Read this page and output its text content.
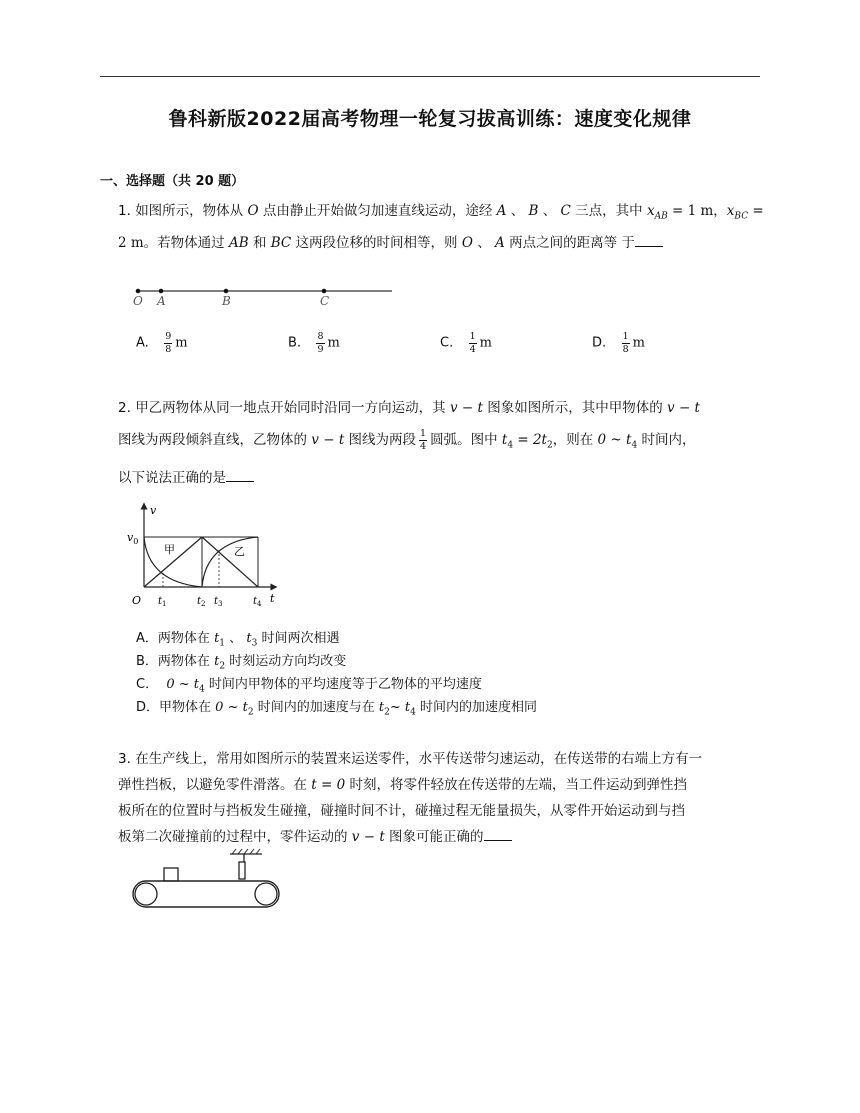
鲁科新版2022届高考物理一轮复习拔高训练：速度变化规律
一、选择题（共 20 题）

1. 如图所示，物体从 O 点由静止开始做匀加速直线运动，途经 A 、 B 、 C 三点，其中 $x_{AB} = 1$ m，$x_{BC} = 2$ m。若物体通过 AB 和 BC 这两段位移的时间相等，则 O 、 A 两点之间的距离等 于

O A	B	C
A. $\frac{9}{8}$ m	B. $\frac{8}{9}$ m	C. $\frac{1}{4}$ m	D. $\frac{1}{8}$ m

2. 甲乙两物体从同一地点开始同时沿同一方向运动，其 v − t 图象如图所示，其中甲物体的 v − t

图线为两段倾斜直线，乙物体的 v − t 图线为两段 $\frac{1}{4}$ 圆弧。图中 $t_4 = 2t_2$，则在 0 ~ $t_4$ 时间内，

以下说法正确的是

v
$v_0$
甲	乙
O	t
$t_1$	$t_2$ $t_3$	$t_4$
A．两物体在 $t_1$ 、 $t_3$ 时间两次相遇
B．两物体在 $t_2$ 时刻运动方向均改变
C． 0 ~ $t_4$ 时间内甲物体的平均速度等于乙物体的平均速度
D．甲物体在 0 ~ $t_2$ 时间内的加速度与在 $t_2\sim$ $t_4$ 时间内的加速度相同

3. 在生产线上，常用如图所示的装置来运送零件，水平传送带匀速运动，在传送带的右端上方有一

弹性挡板，以避免零件滑落。在 t = 0 时刻，将零件轻放在传送带的左端，当工件运动到弹性挡

板所在的位置时与挡板发生碰撞，碰撞时间不计，碰撞过程无能量损失，从零件开始运动到与挡

板第二次碰撞前的过程中，零件运动的 v − t 图象可能正确的
